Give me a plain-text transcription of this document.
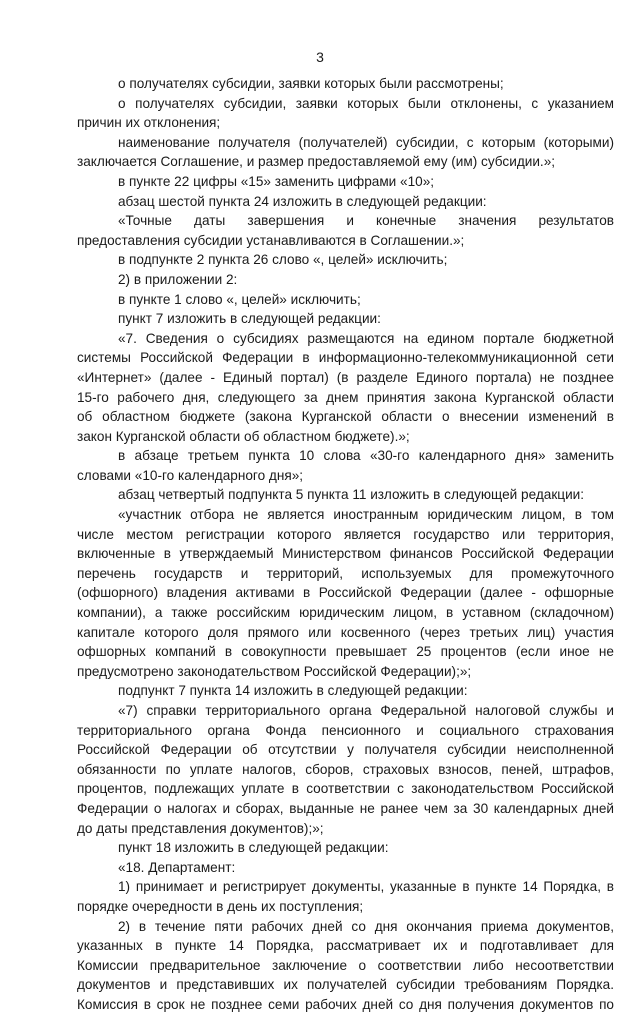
3
о получателях субсидии, заявки которых были рассмотрены;
о получателях субсидии, заявки которых были отклонены, с указанием
причин их отклонения;
наименование получателя (получателей) субсидии, с которым (которыми)
заключается Соглашение, и размер предоставляемой ему (им) субсидии.»;
в пункте 22 цифры «15» заменить цифрами «10»;
абзац шестой пункта 24 изложить в следующей редакции:
«Точные даты завершения и конечные значения результатов
предоставления субсидии устанавливаются в Соглашении.»;
в подпункте 2 пункта 26 слово «, целей» исключить;
2) в приложении 2:
в пункте 1 слово «, целей» исключить;
пункт 7 изложить в следующей редакции:
«7. Сведения о субсидиях размещаются на едином портале бюджетной
системы Российской Федерации в информационно-телекоммуникационной сети
«Интернет» (далее - Единый портал) (в разделе Единого портала) не позднее
15-го рабочего дня, следующего за днем принятия закона Курганской области
об областном бюджете (закона Курганской области о внесении изменений в
закон Курганской области об областном бюджете).»;
в абзаце третьем пункта 10 слова «30-го календарного дня» заменить
словами «10-го календарного дня»;
абзац четвертый подпункта 5 пункта 11 изложить в следующей редакции:
«участник отбора не является иностранным юридическим лицом, в том
числе местом регистрации которого является государство или территория,
включенные в утверждаемый Министерством финансов Российской Федерации
перечень государств и территорий, используемых для промежуточного
(офшорного) владения активами в Российской Федерации (далее - офшорные
компании), а также российским юридическим лицом, в уставном (складочном)
капитале которого доля прямого или косвенного (через третьих лиц) участия
офшорных компаний в совокупности превышает 25 процентов (если иное не
предусмотрено законодательством Российской Федерации);»;
подпункт 7 пункта 14 изложить в следующей редакции:
«7) справки территориального органа Федеральной налоговой службы и
территориального органа Фонда пенсионного и социального страхования
Российской Федерации об отсутствии у получателя субсидии неисполненной
обязанности по уплате налогов, сборов, страховых взносов, пеней, штрафов,
процентов, подлежащих уплате в соответствии с законодательством Российской
Федерации о налогах и сборах, выданные не ранее чем за 30 календарных дней
до даты представления документов);»;
пункт 18 изложить в следующей редакции:
«18. Департамент:
1) принимает и регистрирует документы, указанные в пункте 14 Порядка, в
порядке очередности в день их поступления;
2) в течение пяти рабочих дней со дня окончания приема документов,
указанных в пункте 14 Порядка, рассматривает их и подготавливает для
Комиссии предварительное заключение о соответствии либо несоответствии
документов и представивших их получателей субсидии требованиям Порядка.
Комиссия в срок не позднее семи рабочих дней со дня получения документов по
